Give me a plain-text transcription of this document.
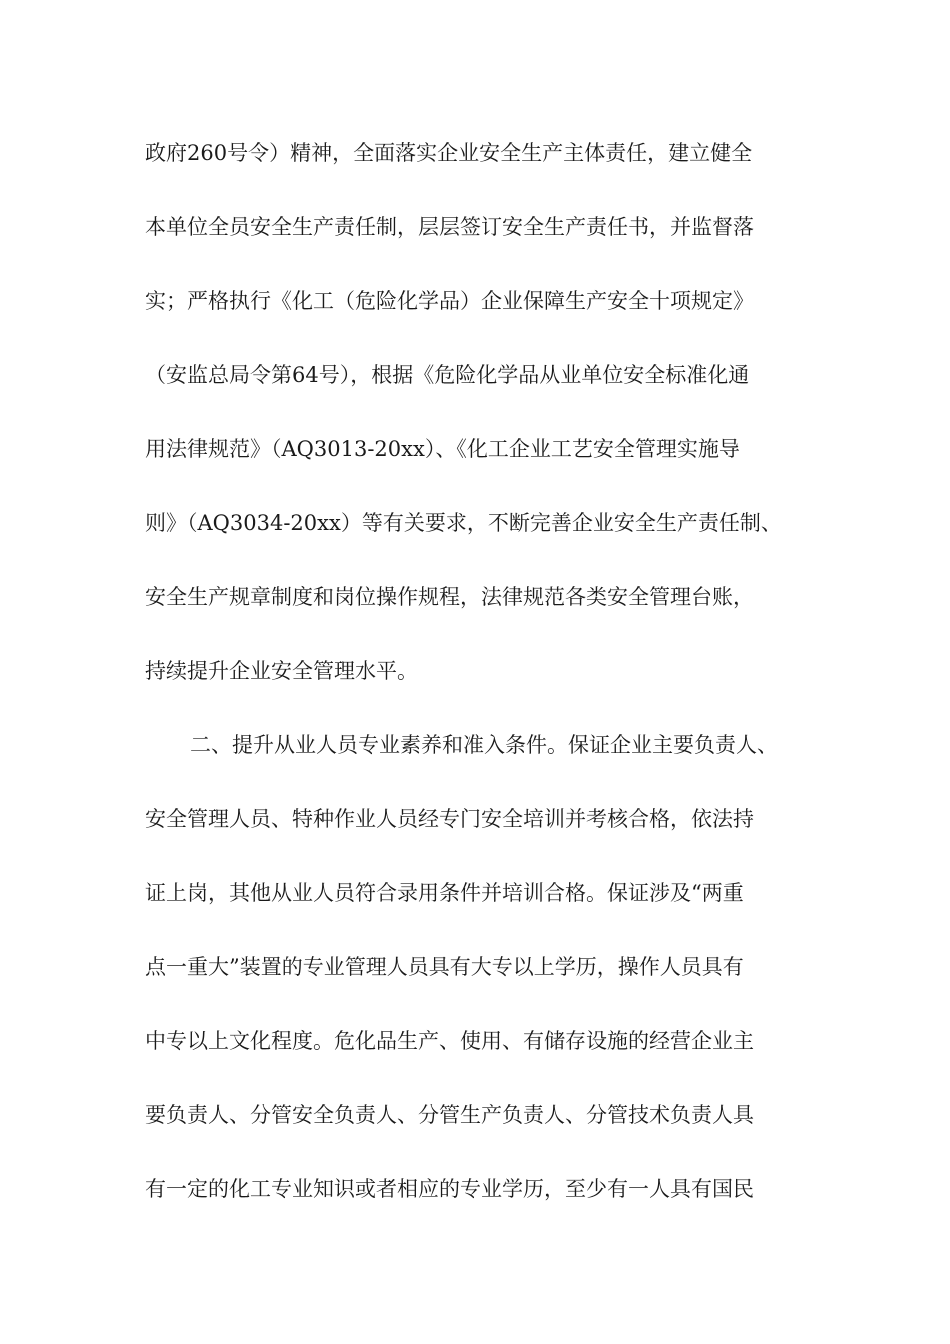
政府260号令）精神，全面落实企业安全生产主体责任，建立健全
本单位全员安全生产责任制，层层签订安全生产责任书，并监督落
实；严格执行《化工（危险化学品）企业保障生产安全十项规定》
（安监总局令第64号），根据《危险化学品从业单位安全标准化通
用法律规范》（AQ3013-20xx）、《化工企业工艺安全管理实施导
则》（AQ3034-20xx）等有关要求，不断完善企业安全生产责任制、
安全生产规章制度和岗位操作规程，法律规范各类安全管理台账，
持续提升企业安全管理水平。
二、提升从业人员专业素养和准入条件。保证企业主要负责人、
安全管理人员、特种作业人员经专门安全培训并考核合格，依法持
证上岗，其他从业人员符合录用条件并培训合格。保证涉及“两重
点一重大”装置的专业管理人员具有大专以上学历，操作人员具有
中专以上文化程度。危化品生产、使用、有储存设施的经营企业主
要负责人、分管安全负责人、分管生产负责人、分管技术负责人具
有一定的化工专业知识或者相应的专业学历，至少有一人具有国民
